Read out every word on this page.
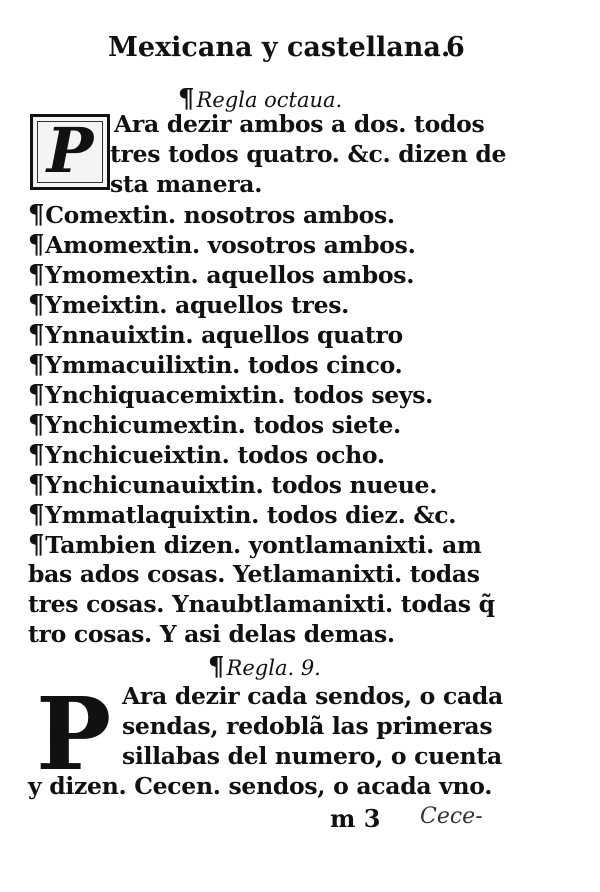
Mexicana y castellana.
6
¶Regla octaua.
P Ara dezir ambos a dos. todos
tres todos quatro. &c. dizen de
sta manera.
¶Comextin. nosotros ambos.
¶Amomextin. vosotros ambos.
¶Ymomextin. aquellos ambos.
¶Ymeixtin. aquellos tres.
¶Ynnauixtin. aquellos quatro
¶Ymmacuilixtin. todos cinco.
¶Ynchiquacemixtin. todos seys.
¶Ynchicumextin. todos siete.
¶Ynchicueixtin. todos ocho.
¶Ynchicunauixtin. todos nueue.
¶Ymmatlaquixtin. todos diez. &c.
¶Tambien dizen. yontlamanixti. am
bas ados cosas. Yetlamanixti. todas
tres cosas. Ynaubtlamanixti. todas q̃
tro cosas. Y asi delas demas.
¶Regla. 9.
P Ara dezir cada sendos, o cada
sendas, redoblã las primeras
sillabas del numero, o cuenta
y dizen. Cecen. sendos, o acada vno.
m 3 Cece-
